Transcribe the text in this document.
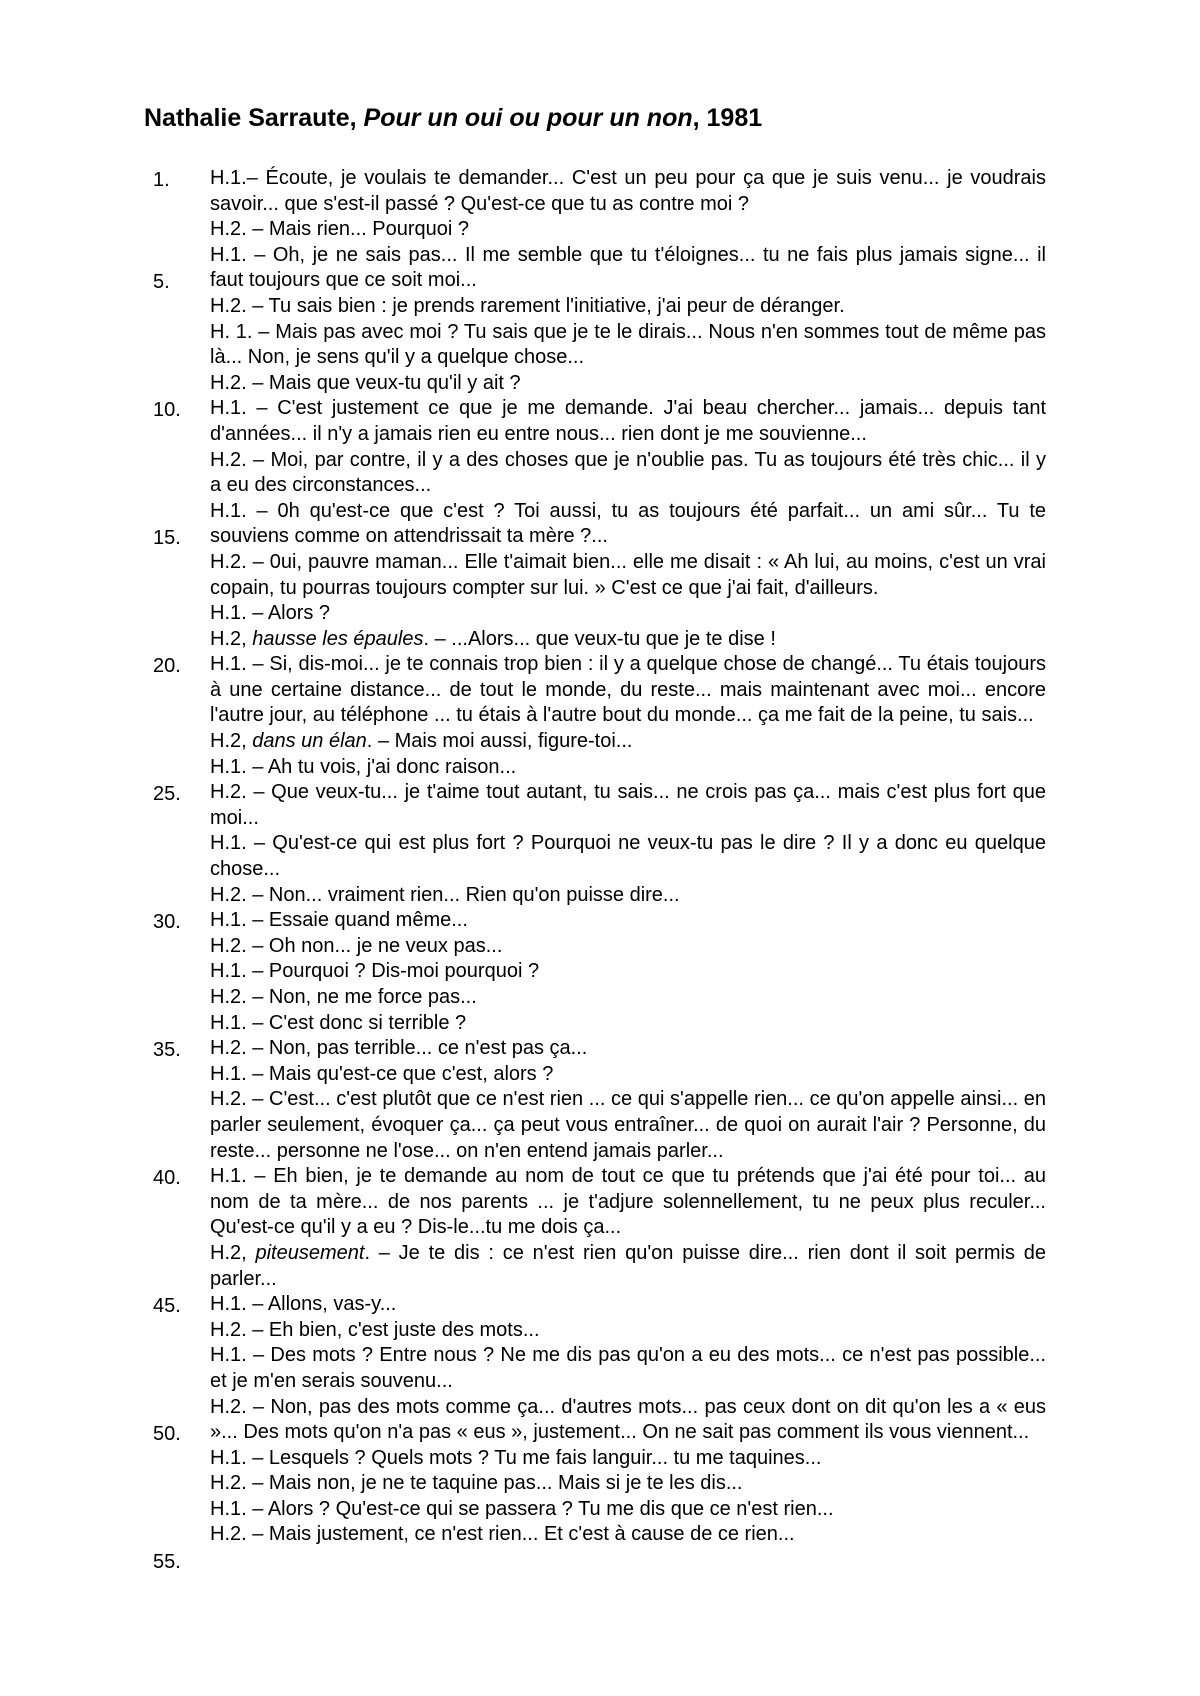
Nathalie Sarraute, Pour un oui ou pour un non, 1981
1.
5.
10.
15.
20.
25.
30.
35.
40.
45.
50.
55.
H.1.– Écoute, je voulais te demander... C'est un peu pour ça que je suis venu... je voudrais savoir... que s'est-il passé ? Qu'est-ce que tu as contre moi ?
H.2. – Mais rien... Pourquoi ?
H.1. – Oh, je ne sais pas... Il me semble que tu t'éloignes... tu ne fais plus jamais signe... il faut toujours que ce soit moi...
H.2. – Tu sais bien : je prends rarement l'initiative, j'ai peur de déranger.
H. 1. – Mais pas avec moi ? Tu sais que je te le dirais... Nous n'en sommes tout de même pas là... Non, je sens qu'il y a quelque chose...
H.2. – Mais que veux-tu qu'il y ait ?
H.1. – C'est justement ce que je me demande. J'ai beau chercher... jamais... depuis tant d'années... il n'y a jamais rien eu entre nous... rien dont je me souvienne...
H.2. – Moi, par contre, il y a des choses que je n'oublie pas. Tu as toujours été très chic... il y a eu des circonstances...
H.1. – 0h qu'est-ce que c'est ? Toi aussi, tu as toujours été parfait... un ami sûr... Tu te souviens comme on attendrissait ta mère ?...
H.2. – 0ui, pauvre maman... Elle t'aimait bien... elle me disait : « Ah lui, au moins, c'est un vrai copain, tu pourras toujours compter sur lui. » C'est ce que j'ai fait, d'ailleurs.
H.1. – Alors ?
H.2, hausse les épaules. – ...Alors... que veux-tu que je te dise !
H.1. – Si, dis-moi... je te connais trop bien : il y a quelque chose de changé... Tu étais toujours à une certaine distance... de tout le monde, du reste... mais maintenant avec moi... encore l'autre jour, au téléphone ... tu étais à l'autre bout du monde... ça me fait de la peine, tu sais...
H.2, dans un élan. – Mais moi aussi, figure-toi...
H.1. – Ah tu vois, j'ai donc raison...
H.2. – Que veux-tu... je t'aime tout autant, tu sais... ne crois pas ça... mais c'est plus fort que moi...
H.1. – Qu'est-ce qui est plus fort ? Pourquoi ne veux-tu pas le dire ? Il y a donc eu quelque chose...
H.2. – Non... vraiment rien... Rien qu'on puisse dire...
H.1. – Essaie quand même...
H.2. – Oh non... je ne veux pas...
H.1. – Pourquoi ? Dis-moi pourquoi ?
H.2. – Non, ne me force pas...
H.1. – C'est donc si terrible ?
H.2. – Non, pas terrible... ce n'est pas ça...
H.1. – Mais qu'est-ce que c'est, alors ?
H.2. – C'est... c'est plutôt que ce n'est rien ... ce qui s'appelle rien... ce qu'on appelle ainsi... en parler seulement, évoquer ça... ça peut vous entraîner... de quoi on aurait l'air ? Personne, du reste... personne ne l'ose... on n'en entend jamais parler...
H.1. – Eh bien, je te demande au nom de tout ce que tu prétends que j'ai été pour toi... au nom de ta mère... de nos parents ... je t'adjure solennellement, tu ne peux plus reculer... Qu'est-ce qu'il y a eu ? Dis-le...tu me dois ça...
H.2, piteusement. – Je te dis : ce n'est rien qu'on puisse dire... rien dont il soit permis de parler...
H.1. – Allons, vas-y...
H.2. – Eh bien, c'est juste des mots...
H.1. – Des mots ? Entre nous ? Ne me dis pas qu'on a eu des mots... ce n'est pas possible... et je m'en serais souvenu...
H.2. – Non, pas des mots comme ça... d'autres mots... pas ceux dont on dit qu'on les a « eus »... Des mots qu'on n'a pas « eus », justement... On ne sait pas comment ils vous viennent...
H.1. – Lesquels ? Quels mots ? Tu me fais languir... tu me taquines...
H.2. – Mais non, je ne te taquine pas... Mais si je te les dis...
H.1. – Alors ? Qu'est-ce qui se passera ? Tu me dis que ce n'est rien...
H.2. – Mais justement, ce n'est rien... Et c'est à cause de ce rien...
